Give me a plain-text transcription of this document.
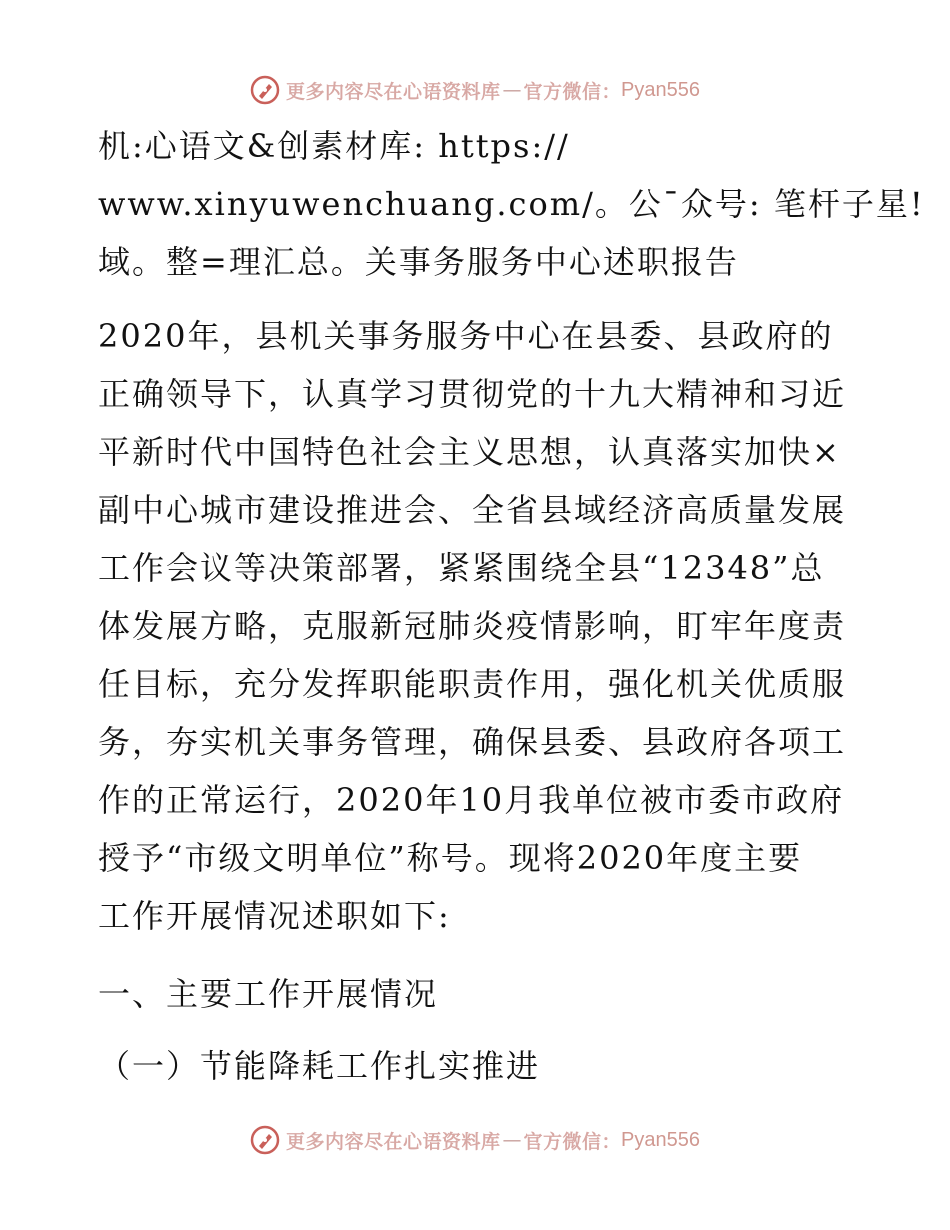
更多内容尽在心语资料库 — 官方微信： Pyan556
机:心语文&创素材库: https://
www.xinyuwenchuang.com/。公¯众号: 笔杆子星!
域。整=理汇总。关事务服务中心述职报告
2020年，县机关事务服务中心在县委、县政府的
正确领导下，认真学习贯彻党的十九大精神和习近
平新时代中国特色社会主义思想，认真落实加快×
副中心城市建设推进会、全省县域经济高质量发展
工作会议等决策部署，紧紧围绕全县“12348”总
体发展方略，克服新冠肺炎疫情影响，盯牢年度责
任目标，充分发挥职能职责作用，强化机关优质服
务，夯实机关事务管理，确保县委、县政府各项工
作的正常运行，2020年10月我单位被市委市政府
授予“市级文明单位”称号。现将2020年度主要
工作开展情况述职如下:
一、主要工作开展情况
（一）节能降耗工作扎实推进
更多内容尽在心语资料库 — 官方微信： Pyan556
